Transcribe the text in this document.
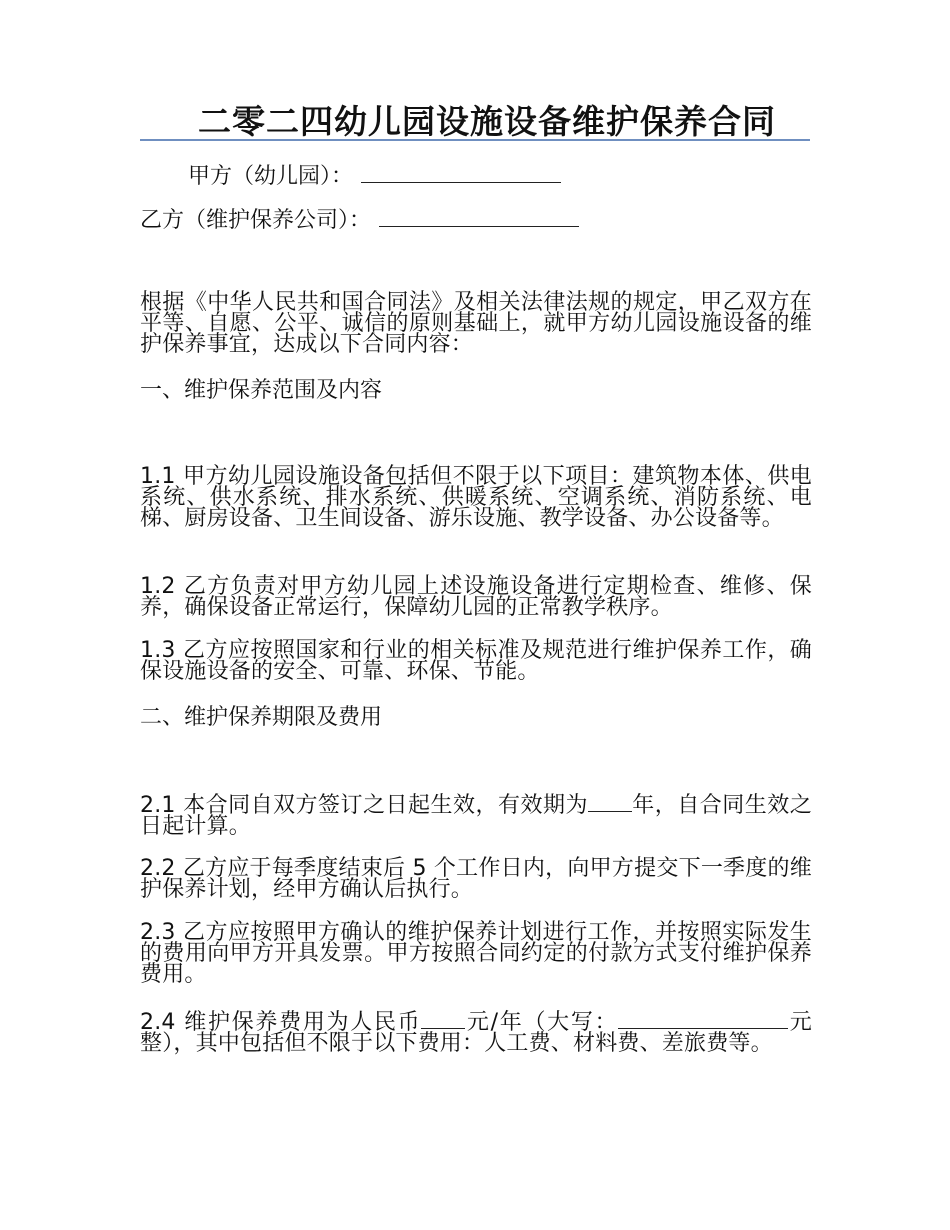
二零二四幼儿园设施设备维护保养合同
甲方（幼儿园）：
乙方（维护保养公司）：
根据《中华人民共和国合同法》及相关法律法规的规定，甲乙双方在平等、自愿、公平、诚信的原则基础上，就甲方幼儿园设施设备的维护保养事宜，达成以下合同内容：
一、维护保养范围及内容
1.1 甲方幼儿园设施设备包括但不限于以下项目：建筑物本体、供电系统、供水系统、排水系统、供暖系统、空调系统、消防系统、电梯、厨房设备、卫生间设备、游乐设施、教学设备、办公设备等。
1.2 乙方负责对甲方幼儿园上述设施设备进行定期检查、维修、保养，确保设备正常运行，保障幼儿园的正常教学秩序。
1.3 乙方应按照国家和行业的相关标准及规范进行维护保养工作，确保设施设备的安全、可靠、环保、节能。
二、维护保养期限及费用
2.1 本合同自双方签订之日起生效，有效期为 年，自合同生效之日起计算。
2.2 乙方应于每季度结束后 5 个工作日内，向甲方提交下一季度的维护保养计划，经甲方确认后执行。
2.3 乙方应按照甲方确认的维护保养计划进行工作，并按照实际发生的费用向甲方开具发票。甲方按照合同约定的付款方式支付维护保养费用。
2.4 维护保养费用为人民币 元/年（大写：	元整），其中包括但不限于以下费用：人工费、材料费、差旅费等。
